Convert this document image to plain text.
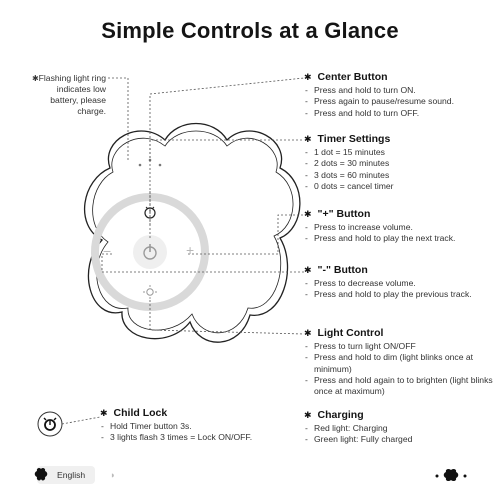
Simple Controls at a Glance
✱ Flashing light ring indicates low battery, please charge.
−	+
✱ Center Button
- Press and hold to turn ON.
- Press again to pause/resume sound.
- Press and hold to turn OFF.
✱ Timer Settings
- 1 dot = 15 minutes
- 2 dots = 30 minutes
- 3 dots = 60 minutes
- 0 dots = cancel timer
✱ "+" Button
- Press to increase volume.
- Press and hold to play the next track.
✱ "-" Button
- Press to decrease volume.
- Press and hold to play the previous track.
✱ Light Control
- Press to turn light ON/OFF
- Press and hold to dim (light blinks once at minimum)
- Press and hold again to to brighten (light blinks once at maximum)
✱ Child Lock
- Hold Timer button 3s.
- 3 lights flash 3 times = Lock ON/OFF.
✱ Charging
- Red light: Charging
- Green light: Fully charged
English	◗
